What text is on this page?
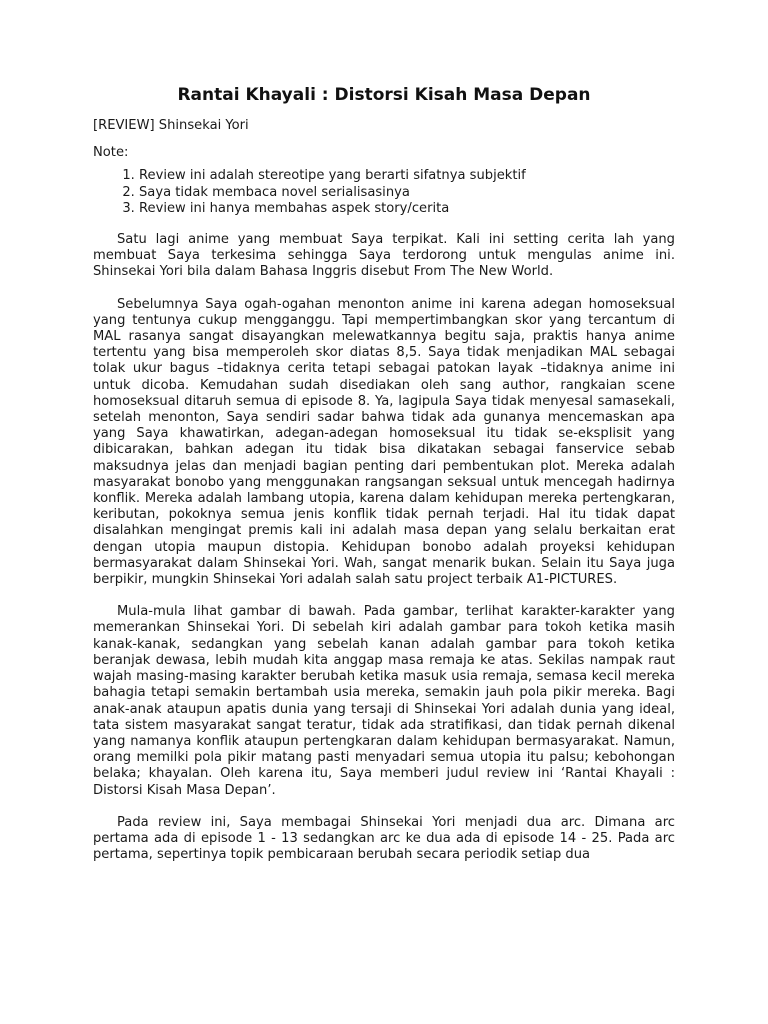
Rantai Khayali : Distorsi Kisah Masa Depan

[REVIEW] Shinsekai Yori

Note:

1. Review ini adalah stereotipe yang berarti sifatnya subjektif
2. Saya tidak membaca novel serialisasinya
3. Review ini hanya membahas aspek story/cerita

Satu lagi anime yang membuat Saya terpikat. Kali ini setting cerita lah yang membuat Saya terkesima sehingga Saya terdorong untuk mengulas anime ini. Shinsekai Yori bila dalam Bahasa Inggris disebut From The New World.

Sebelumnya Saya ogah-ogahan menonton anime ini karena adegan homoseksual yang tentunya cukup mengganggu. Tapi mempertimbangkan skor yang tercantum di MAL rasanya sangat disayangkan melewatkannya begitu saja, praktis hanya anime tertentu yang bisa memperoleh skor diatas 8,5. Saya tidak menjadikan MAL sebagai tolak ukur bagus –tidaknya cerita tetapi sebagai patokan layak –tidaknya anime ini untuk dicoba. Kemudahan sudah disediakan oleh sang author, rangkaian scene homoseksual ditaruh semua di episode 8. Ya, lagipula Saya tidak menyesal samasekali, setelah menonton, Saya sendiri sadar bahwa tidak ada gunanya mencemaskan apa yang Saya khawatirkan, adegan-adegan homoseksual itu tidak se-eksplisit yang dibicarakan, bahkan adegan itu tidak bisa dikatakan sebagai fanservice sebab maksudnya jelas dan menjadi bagian penting dari pembentukan plot. Mereka adalah masyarakat bonobo yang menggunakan rangsangan seksual untuk mencegah hadirnya konflik. Mereka adalah lambang utopia, karena dalam kehidupan mereka pertengkaran, keributan, pokoknya semua jenis konflik tidak pernah terjadi. Hal itu tidak dapat disalahkan mengingat premis kali ini adalah masa depan yang selalu berkaitan erat dengan utopia maupun distopia. Kehidupan bonobo adalah proyeksi kehidupan bermasyarakat dalam Shinsekai Yori. Wah, sangat menarik bukan. Selain itu Saya juga berpikir, mungkin Shinsekai Yori adalah salah satu project terbaik A1-PICTURES.

Mula-mula lihat gambar di bawah. Pada gambar, terlihat karakter-karakter yang memerankan Shinsekai Yori. Di sebelah kiri adalah gambar para tokoh ketika masih kanak-kanak, sedangkan yang sebelah kanan adalah gambar para tokoh ketika beranjak dewasa, lebih mudah kita anggap masa remaja ke atas. Sekilas nampak raut wajah masing-masing karakter berubah ketika masuk usia remaja, semasa kecil mereka bahagia tetapi semakin bertambah usia mereka, semakin jauh pola pikir mereka. Bagi anak-anak ataupun apatis dunia yang tersaji di Shinsekai Yori adalah dunia yang ideal, tata sistem masyarakat sangat teratur, tidak ada stratifikasi, dan tidak pernah dikenal yang namanya konflik ataupun pertengkaran dalam kehidupan bermasyarakat. Namun, orang memilki pola pikir matang pasti menyadari semua utopia itu palsu; kebohongan belaka; khayalan. Oleh karena itu, Saya memberi judul review ini ‘Rantai Khayali : Distorsi Kisah Masa Depan’.

Pada review ini, Saya membagai Shinsekai Yori menjadi dua arc. Dimana arc pertama ada di episode 1 - 13 sedangkan arc ke dua ada di episode 14 - 25. Pada arc pertama, sepertinya topik pembicaraan berubah secara periodik setiap dua
